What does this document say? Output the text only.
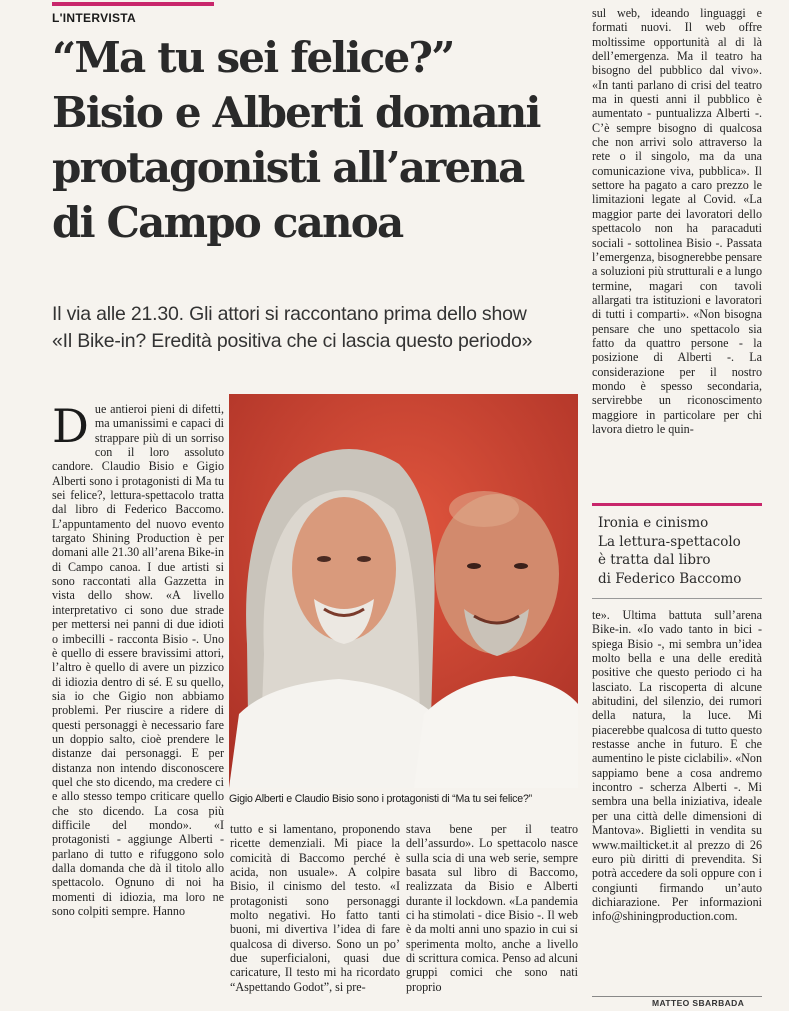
L'INTERVISTA
“Ma tu sei felice?”
Bisio e Alberti domani
protagonisti all’arena
di Campo canoa
Il via alle 21.30. Gli attori si raccontano prima dello show
«Il Bike-in? Eredità positiva che ci lascia questo periodo»
D ue antieroi pieni di difetti, ma umanissimi e capaci di strappare più di un sorriso con il loro assoluto candore. Claudio Bisio e Gigio Alberti sono i protagonisti di Ma tu sei felice?, lettura-spettacolo tratta dal libro di Federico Baccomo. L’appuntamento del nuovo evento targato Shining Production è per domani alle 21.30 all’arena Bike-in di Campo canoa. I due artisti si sono raccontati alla Gazzetta in vista dello show. «A livello interpretativo ci sono due strade per mettersi nei panni di due idioti o imbecilli - racconta Bisio -. Uno è quello di essere bravissimi attori, l’altro è quello di avere un pizzico di idiozia dentro di sé. E su quello, sia io che Gigio non abbiamo problemi. Per riuscire a ridere di questi personaggi è necessario fare un doppio salto, cioè prendere le distanze dai personaggi. E per distanza non intendo disconoscere quel che sto dicendo, ma credere ci e allo stesso tempo criticare quello che sto dicendo. La cosa più difficile del mondo». «I protagonisti - aggiunge Alberti - parlano di tutto e rifuggono solo dalla domanda che dà il titolo allo spettacolo. Ognuno di noi ha momenti di idiozia, ma loro ne sono colpiti sempre. Hanno

Gigio Alberti e Claudio Bisio sono i protagonisti di “Ma tu sei felice?”

tutto e si lamentano, proponendo ricette demenziali. Mi piace la comicità di Baccomo perché è acida, non usuale». A colpire Bisio, il cinismo del testo. «I protagonisti sono personaggi molto negativi. Ho fatto tanti buoni, mi divertiva l’idea di fare qualcosa di diverso. Sono un po’ due superficialoni, quasi due caricature, Il testo mi ha ricordato “Aspettando Godot”, si pre-

stava bene per il teatro dell’assurdo». Lo spettacolo nasce sulla scia di una web serie, sempre basata sul libro di Baccomo, realizzata da Bisio e Alberti durante il lockdown. «La pandemia ci ha stimolati - dice Bisio -. Il web è da molti anni uno spazio in cui si sperimenta molto, anche a livello di scrittura comica. Penso ad alcuni gruppi comici che sono nati proprio

sul web, ideando linguaggi e formati nuovi. Il web offre moltissime opportunità al di là dell’emergenza. Ma il teatro ha bisogno del pubblico dal vivo». «In tanti parlano di crisi del teatro ma in questi anni il pubblico è aumentato - puntualizza Alberti -. C’è sempre bisogno di qualcosa che non arrivi solo attraverso la rete o il singolo, ma da una comunicazione viva, pubblica». Il settore ha pagato a caro prezzo le limitazioni legate al Covid. «La maggior parte dei lavoratori dello spettacolo non ha paracaduti sociali - sottolinea Bisio -. Passata l’emergenza, bisognerebbe pensare a soluzioni più strutturali e a lungo termine, magari con tavoli allargati tra istituzioni e lavoratori di tutti i comparti». «Non bisogna pensare che uno spettacolo sia fatto da quattro persone - la posizione di Alberti -. La considerazione per il nostro mondo è spesso secondaria, servirebbe un riconoscimento maggiore in particolare per chi lavora dietro le quin-

Ironia e cinismo
La lettura-spettacolo
è tratta dal libro
di Federico Baccomo

te». Ultima battuta sull’arena Bike-in. «Io vado tanto in bici - spiega Bisio -, mi sembra un’idea molto bella e una delle eredità positive che questo periodo ci ha lasciato. La riscoperta di alcune abitudini, del silenzio, dei rumori della natura, la luce. Mi piacerebbe qualcosa di tutto questo restasse anche in futuro. E che aumentino le piste ciclabili». «Non sappiamo bene a cosa andremo incontro - scherza Alberti -. Mi sembra una bella iniziativa, ideale per una città delle dimensioni di Mantova». Biglietti in vendita su www.mailticket.it al prezzo di 26 euro più diritti di prevendita. Si potrà accedere da soli oppure con i congiunti firmando un’auto dichiarazione. Per informazioni info@shiningproduction.com.

MATTEO SBARBADA
